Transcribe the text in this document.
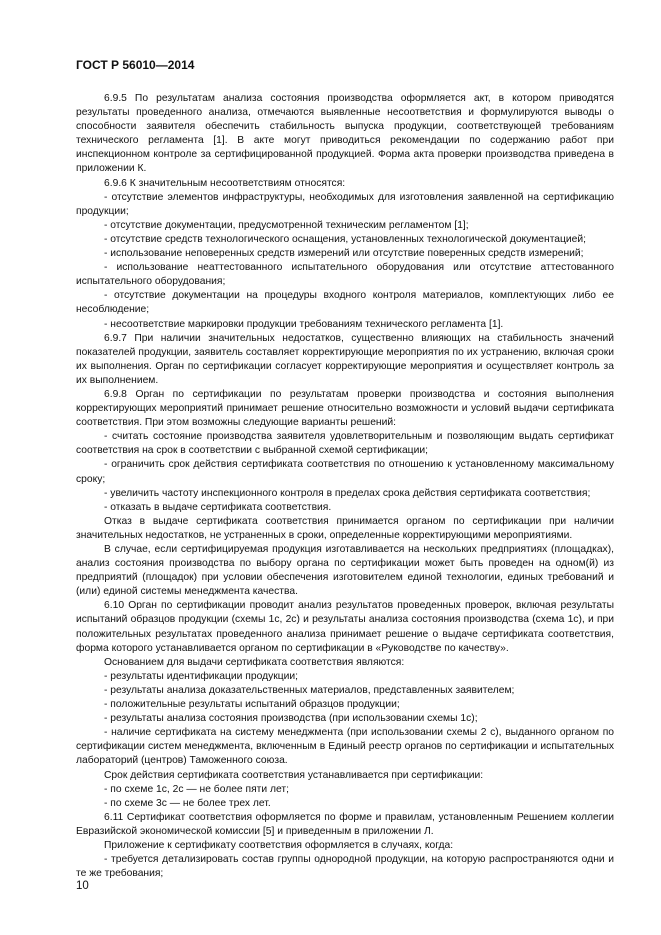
ГОСТ Р 56010—2014

6.9.5 По результатам анализа состояния производства оформляется акт, в котором приводятся результаты проведенного анализа, отмечаются выявленные несоответствия и формулируются выводы о способности заявителя обеспечить стабильность выпуска продукции, соответствующей требованиям технического регламента [1]. В акте могут приводиться рекомендации по содержанию работ при инспекционном контроле за сертифицированной продукцией. Форма акта проверки производства приведена в приложении К.

6.9.6 К значительным несоответствиям относятся:

- отсутствие элементов инфраструктуры, необходимых для изготовления заявленной на сертификацию продукции;

- отсутствие документации, предусмотренной техническим регламентом [1];

- отсутствие средств технологического оснащения, установленных технологической документацией;

- использование неповеренных средств измерений или отсутствие поверенных средств измерений;

- использование неаттестованного испытательного оборудования или отсутствие аттестованного испытательного оборудования;

- отсутствие документации на процедуры входного контроля материалов, комплектующих либо ее несоблюдение;

- несоответствие маркировки продукции требованиям технического регламента [1].

6.9.7 При наличии значительных недостатков, существенно влияющих на стабильность значений показателей продукции, заявитель составляет корректирующие мероприятия по их устранению, включая сроки их выполнения. Орган по сертификации согласует корректирующие мероприятия и осуществляет контроль за их выполнением.

6.9.8 Орган по сертификации по результатам проверки производства и состояния выполнения корректирующих мероприятий принимает решение относительно возможности и условий выдачи сертификата соответствия. При этом возможны следующие варианты решений:

- считать состояние производства заявителя удовлетворительным и позволяющим выдать сертификат соответствия на срок в соответствии с выбранной схемой сертификации;

- ограничить срок действия сертификата соответствия по отношению к установленному максимальному сроку;

- увеличить частоту инспекционного контроля в пределах срока действия сертификата соответствия;

- отказать в выдаче сертификата соответствия.

Отказ в выдаче сертификата соответствия принимается органом по сертификации при наличии значительных недостатков, не устраненных в сроки, определенные корректирующими мероприятиями.

В случае, если сертифицируемая продукция изготавливается на нескольких предприятиях (площадках), анализ состояния производства по выбору органа по сертификации может быть проведен на одном(й) из предприятий (площадок) при условии обеспечения изготовителем единой технологии, единых требований и (или) единой системы менеджмента качества.

6.10 Орган по сертификации проводит анализ результатов проведенных проверок, включая результаты испытаний образцов продукции (схемы 1с, 2с) и результаты анализа состояния производства (схема 1с), и при положительных результатах проведенного анализа принимает решение о выдаче сертификата соответствия, форма которого устанавливается органом по сертификации в «Руководстве по качеству».

Основанием для выдачи сертификата соответствия являются:

- результаты идентификации продукции;

- результаты анализа доказательственных материалов, представленных заявителем;

- положительные результаты испытаний образцов продукции;

- результаты анализа состояния производства (при использовании схемы 1с);

- наличие сертификата на систему менеджмента (при использовании схемы 2 с), выданного органом по сертификации систем менеджмента, включенным в Единый реестр органов по сертификации и испытательных лабораторий (центров) Таможенного союза.

Срок действия сертификата соответствия устанавливается при сертификации:

- по схеме 1с, 2с — не более пяти лет;

- по схеме 3с — не более трех лет.

6.11 Сертификат соответствия оформляется по форме и правилам, установленным Решением коллегии Евразийской экономической комиссии [5] и приведенным в приложении Л.

Приложение к сертификату соответствия оформляется в случаях, когда:

- требуется детализировать состав группы однородной продукции, на которую распространяются одни и те же требования;

10
